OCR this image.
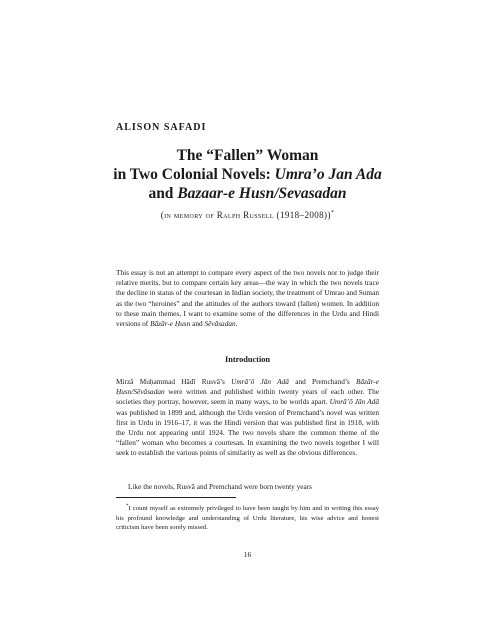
ALISON SAFADI
The “Fallen” Woman
in Two Colonial Novels: Umra’o Jan Ada
and Bazaar-e Husn/Sevasadan
(in memory of Ralph Russell (1918–2008))*
This essay is not an attempt to compare every aspect of the two novels nor to judge their relative merits, but to compare certain key areas—the way in which the two novels trace the decline in status of the courtesan in Indian society, the treatment of Umrao and Suman as the two “heroines” and the attitudes of the authors toward (fallen) women. In addition to these main themes, I want to examine some of the differences in the Urdu and Hindi versions of Bāzār-e Ḥusn and Sēvāsadan.
Introduction
Mirzā Muḥammad Hādī Rusvā’s Umrā’ō Jān Adā and Premchand’s Bāzār-e Ḥusn/Sēvāsadan were written and published within twenty years of each other. The societies they portray, however, seem in many ways, to be worlds apart. Umrā’ō Jān Adā was published in 1899 and, although the Urdu version of Premchand’s novel was written first in Urdu in 1916–17, it was the Hindi version that was published first in 1918, with the Urdu not appearing until 1924. The two novels share the common theme of the “fallen” woman who becomes a courtesan. In examining the two novels together I will seek to establish the various points of similarity as well as the obvious differences.
Like the novels, Rusvā and Premchand were born twenty years
*I count myself as extremely privileged to have been taught by him and in writing this essay his profound knowledge and understanding of Urdu literature, his wise advice and honest criticism have been sorely missed.
16
